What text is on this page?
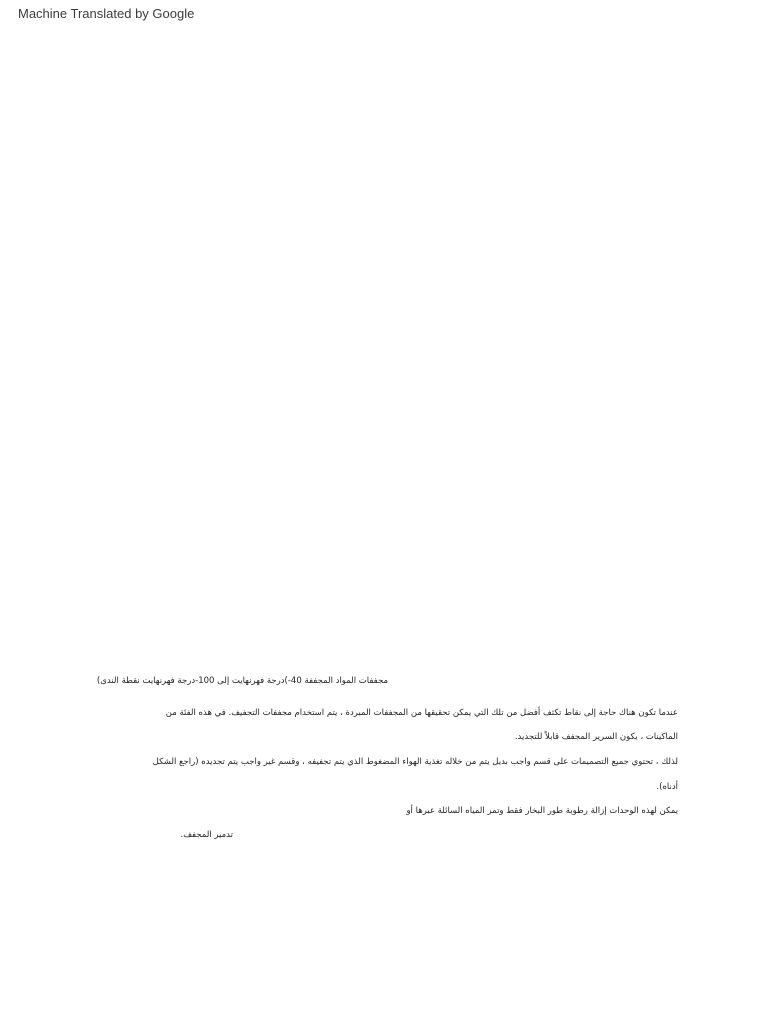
Machine Translated by Google
مجففات المواد المجففة 40-)درجة فهرنهايت إلى 100-درجة فهرنهايت نقطة الندى)
عندما تكون هناك حاجة إلى نقاط تكثف أفضل من تلك التي يمكن تحقيقها من المجففات المبردة ، يتم استخدام مجففات التجفيف. في هذه الفئة من
الماكينات ، يكون السرير المجفف قابلاً للتجديد.
لذلك ، تحتوي جميع التصميمات على قسم واجب بديل يتم من خلاله تغذية الهواء المضغوط الذي يتم تجفيفه ، وقسم غير واجب يتم تجديده (راجع الشكل
أدناه).
يمكن لهذه الوحدات إزالة رطوبة طور البخار فقط وتمر المياه السائلة عبرها أو
تدمير المجفف.
